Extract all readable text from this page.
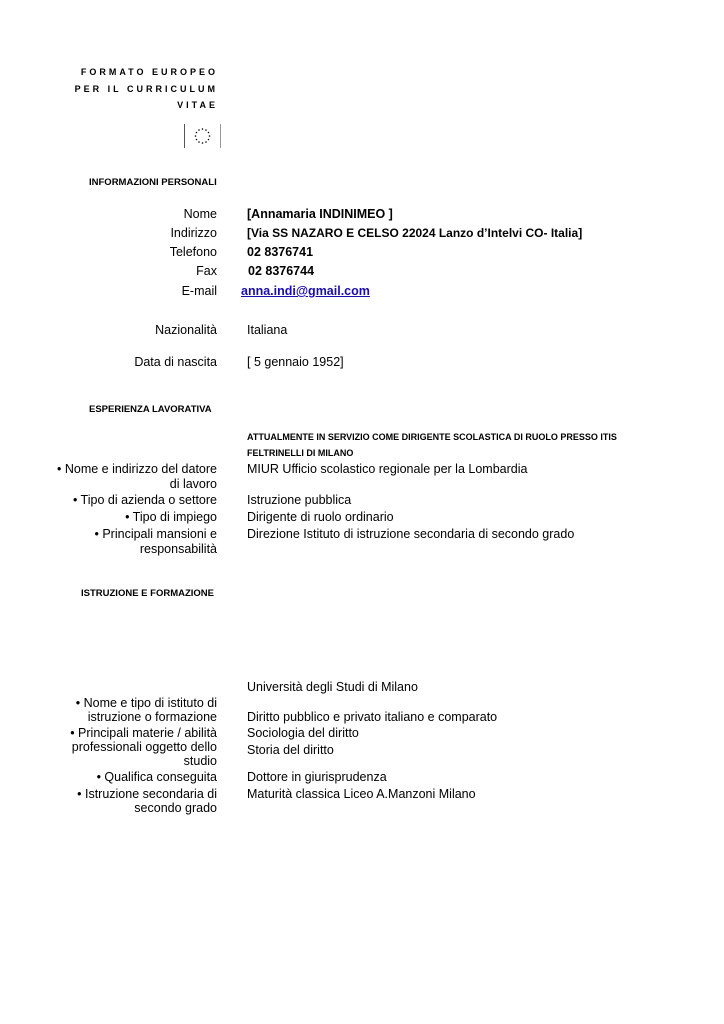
FORMATO EUROPEO
PER IL CURRICULUM
VITAE
INFORMAZIONI PERSONALI
Nome [Annamaria INDINIMEO ]
Indirizzo	[Via SS NAZARO E CELSO 22024 Lanzo d’Intelvi CO- Italia]
Telefono 02 8376741
Fax 02 8376744
E-mail anna.indi@gmail.com
Nazionalità Italiana
Data di nascita [ 5 gennaio 1952]
ESPERIENZA LAVORATIVA
ATTUALMENTE IN SERVIZIO COME DIRIGENTE SCOLASTICA DI RUOLO PRESSO ITIS
FELTRINELLI DI MILANO
• Nome e indirizzo del datore
di lavoro
MIUR Ufficio scolastico regionale per la Lombardia
• Tipo di azienda o settore Istruzione pubblica
• Tipo di impiego Dirigente di ruolo ordinario
• Principali mansioni e
responsabilità
Direzione Istituto di istruzione secondaria di secondo grado
ISTRUZIONE E FORMAZIONE
Università degli Studi di Milano
• Nome e tipo di istituto di
istruzione o formazione Diritto pubblico e privato italiano e comparato
• Principali materie / abilità
professionali oggetto dello
studio
Sociologia del diritto
Storia del diritto
• Qualifica conseguita Dottore in giurisprudenza
• Istruzione secondaria di
secondo grado
Maturità classica Liceo A.Manzoni Milano
